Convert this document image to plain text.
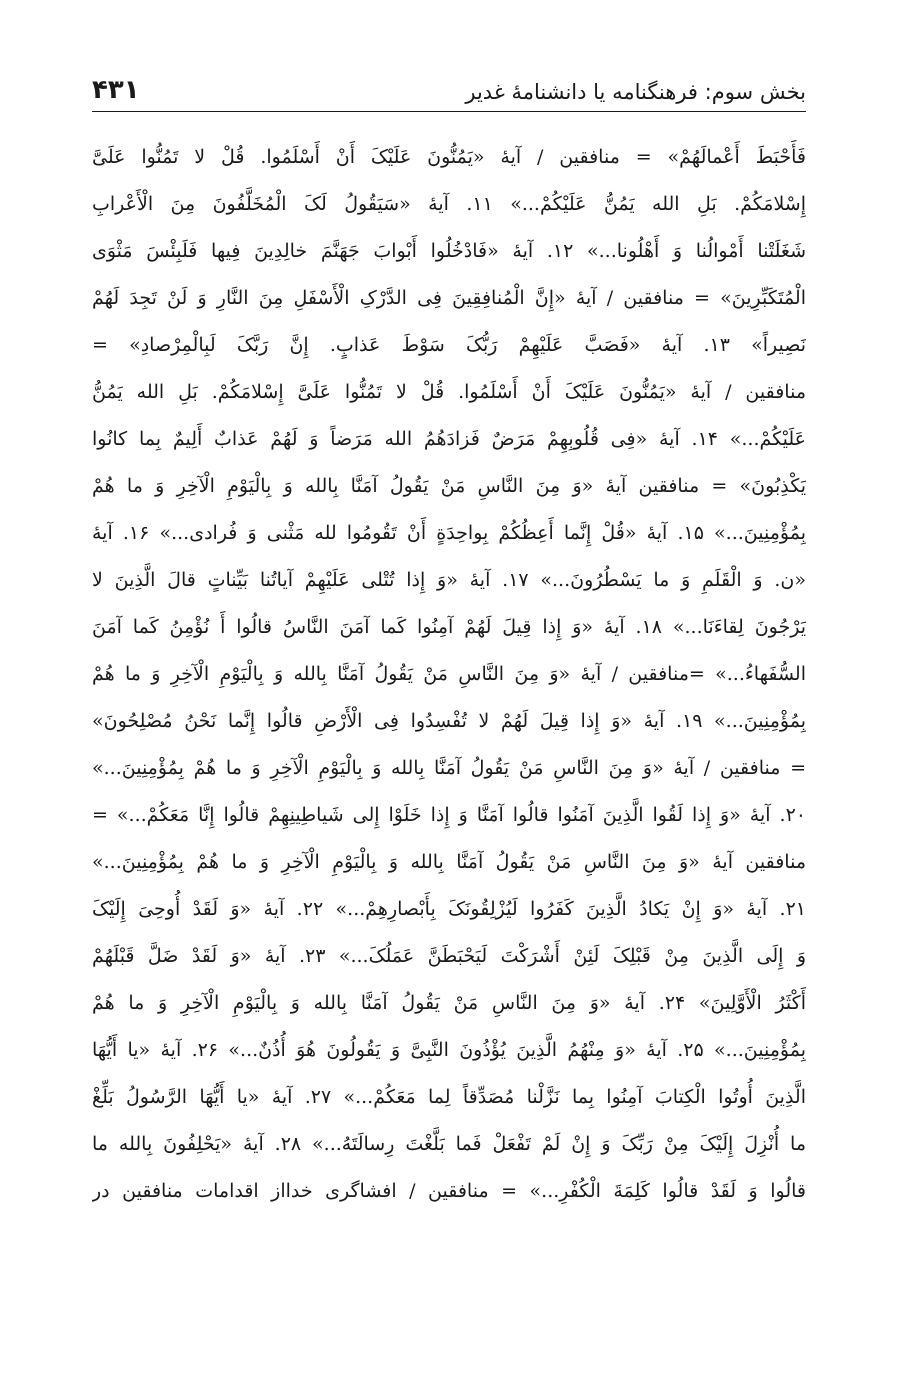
بخش سوم: فرهنگنامه یا دانشنامهٔ غدیر
۴۳۱
فَأَحْبَطَ أَعْمالَهُمْ» = منافقین / آیهٔ «یَمُنُّونَ عَلَیْکَ أَنْ أَسْلَمُوا. قُلْ لا تَمُنُّوا عَلَیَّ
إِسْلامَکُمْ. بَلِ الله یَمُنُّ عَلَیْکُمْ...» ۱۱. آیهٔ «سَیَقُولُ لَکَ الْمُخَلَّفُونَ مِنَ الْأَعْرابِ
شَغَلَتْنا أَمْوالُنا وَ أَهْلُونا...» ۱۲. آیهٔ «فَادْخُلُوا أَبْوابَ جَهَنَّمَ خالِدِینَ فِیها فَلَبِئْسَ مَثْوَی
الْمُتَکَبِّرِینَ» = منافقین / آیهٔ «إِنَّ الْمُنافِقِینَ فِی الدَّرْکِ الْأَسْفَلِ مِنَ النَّارِ وَ لَنْ تَجِدَ لَهُمْ
نَصِیراً» ۱۳. آیهٔ «فَصَبَّ عَلَیْهِمْ رَبُّکَ سَوْطَ عَذابٍ. إِنَّ رَبَّکَ لَبِالْمِرْصادِ» =
منافقین / آیهٔ «یَمُنُّونَ عَلَیْکَ أَنْ أَسْلَمُوا. قُلْ لا تَمُنُّوا عَلَیَّ إِسْلامَکُمْ. بَلِ الله یَمُنُّ
عَلَیْکُمْ...» ۱۴. آیهٔ «فِی قُلُوبِهِمْ مَرَضٌ فَزادَهُمُ الله مَرَضاً وَ لَهُمْ عَذابٌ أَلِیمٌ بِما کانُوا
یَکْذِبُونَ» = منافقین آیهٔ «وَ مِنَ النَّاسِ مَنْ یَقُولُ آمَنَّا بِالله وَ بِالْیَوْمِ الْآخِرِ وَ ما هُمْ
بِمُؤْمِنِینَ...» ۱۵. آیهٔ «قُلْ إِنَّما أَعِظُکُمْ بِواحِدَةٍ أَنْ تَقُومُوا لله مَثْنی وَ فُرادی...» ۱۶. آیهٔ
«ن. وَ الْقَلَمِ وَ ما یَسْطُرُونَ...» ۱۷. آیهٔ «وَ إِذا تُتْلی عَلَیْهِمْ آیاتُنا بَیِّناتٍ قالَ الَّذِینَ لا
یَرْجُونَ لِقاءَنَا...» ۱۸. آیهٔ «وَ إِذا قِیلَ لَهُمْ آمِنُوا کَما آمَنَ النَّاسُ قالُوا أَ نُؤْمِنُ کَما آمَنَ
السُّفَهاءُ...» =منافقین / آیهٔ «وَ مِنَ النَّاسِ مَنْ یَقُولُ آمَنَّا بِالله وَ بِالْیَوْمِ الْآخِرِ وَ ما هُمْ
بِمُؤْمِنِینَ...» ۱۹. آیهٔ «وَ إِذا قِیلَ لَهُمْ لا تُفْسِدُوا فِی الْأَرْضِ قالُوا إِنَّما نَحْنُ مُصْلِحُونَ»
= منافقین / آیهٔ «وَ مِنَ النَّاسِ مَنْ یَقُولُ آمَنَّا بِالله وَ بِالْیَوْمِ الْآخِرِ وَ ما هُمْ بِمُؤْمِنِینَ...»
۲۰. آیهٔ «وَ إِذا لَقُوا الَّذِینَ آمَنُوا قالُوا آمَنَّا وَ إِذا خَلَوْا إِلی شَیاطِینِهِمْ قالُوا إِنَّا مَعَکُمْ...» =
منافقین آیهٔ «وَ مِنَ النَّاسِ مَنْ یَقُولُ آمَنَّا بِالله وَ بِالْیَوْمِ الْآخِرِ وَ ما هُمْ بِمُؤْمِنِینَ...»
۲۱. آیهٔ «وَ إِنْ یَکادُ الَّذِینَ کَفَرُوا لَیُزْلِقُونَکَ بِأَبْصارِهِمْ...» ۲۲. آیهٔ «وَ لَقَدْ أُوحِیَ إِلَیْکَ
وَ إِلَی الَّذِینَ مِنْ قَبْلِکَ لَئِنْ أَشْرَکْتَ لَیَحْبَطَنَّ عَمَلُکَ...» ۲۳. آیهٔ «وَ لَقَدْ ضَلَّ قَبْلَهُمْ
أَکْثَرُ الْأَوَّلِینَ» ۲۴. آیهٔ «وَ مِنَ النَّاسِ مَنْ یَقُولُ آمَنَّا بِالله وَ بِالْیَوْمِ الْآخِرِ وَ ما هُمْ
بِمُؤْمِنِینَ...» ۲۵. آیهٔ «وَ مِنْهُمُ الَّذِینَ یُؤْذُونَ النَّبِیَّ وَ یَقُولُونَ هُوَ أُذُنٌ...» ۲۶. آیهٔ «یا أَیُّهَا
الَّذِینَ أُوتُوا الْکِتابَ آمِنُوا بِما نَزَّلْنا مُصَدِّقاً لِما مَعَکُمْ...» ۲۷. آیهٔ «یا أَیُّهَا الرَّسُولُ بَلِّغْ
ما أُنْزِلَ إِلَیْکَ مِنْ رَبِّکَ وَ إِنْ لَمْ تَفْعَلْ فَما بَلَّغْتَ رِسالَتَهُ...» ۲۸. آیهٔ «یَحْلِفُونَ بِالله ما
قالُوا وَ لَقَدْ قالُوا کَلِمَةَ الْکُفْرِ...» = منافقین / افشاگری خدااز اقدامات منافقین در
